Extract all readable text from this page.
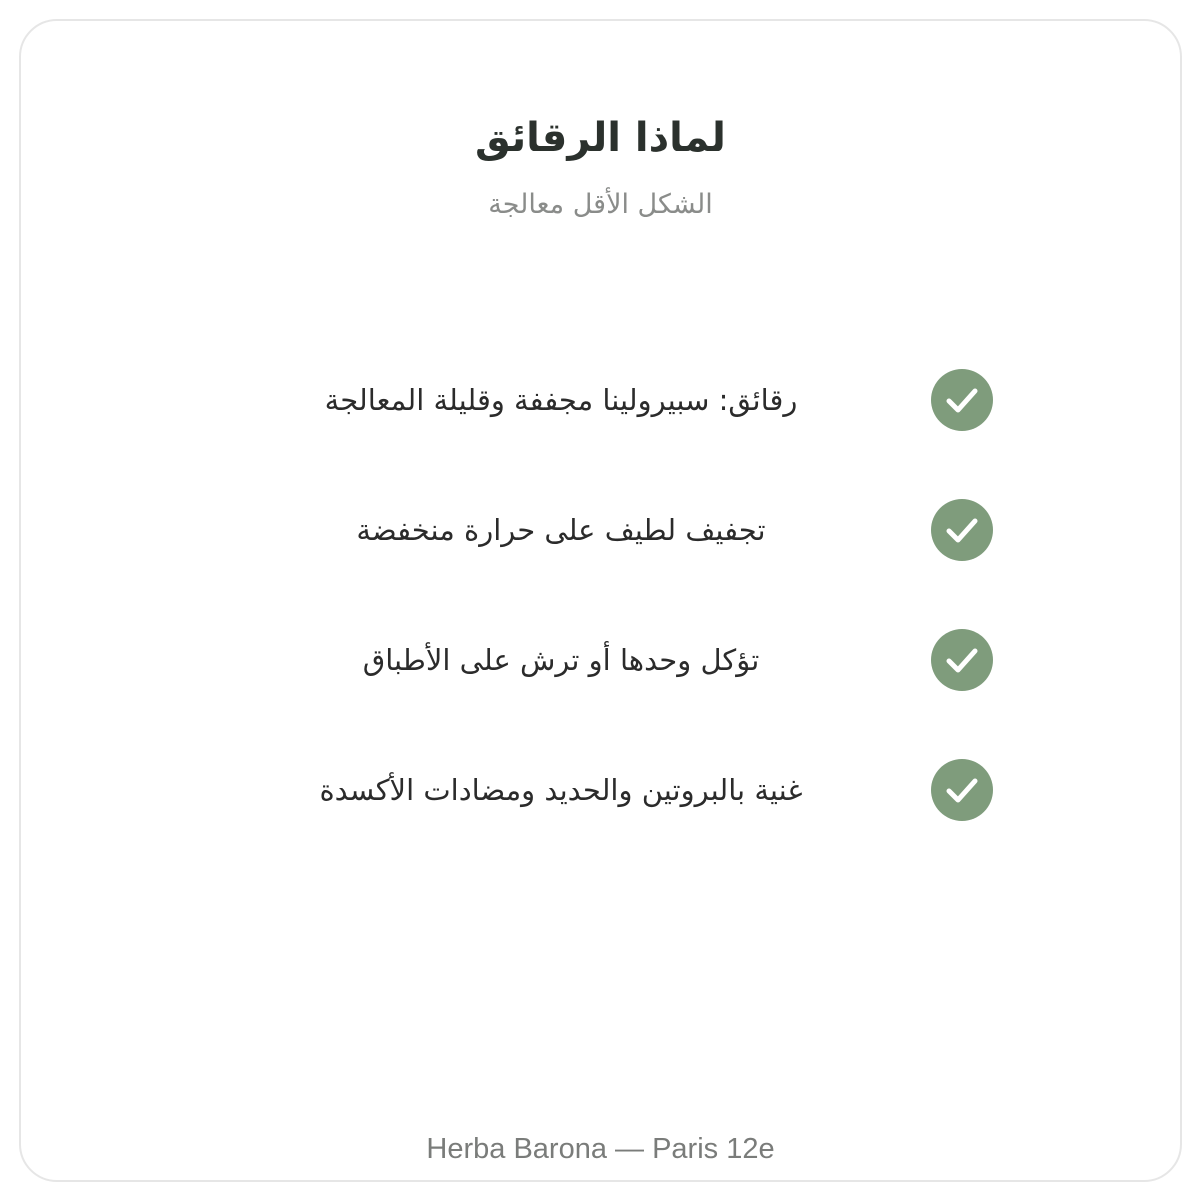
لماذا الرقائق
الشكل الأقل معالجة
رقائق: سبيرولينا مجففة وقليلة المعالجة
تجفيف لطيف على حرارة منخفضة
تؤكل وحدها أو ترش على الأطباق
غنية بالبروتين والحديد ومضادات الأكسدة
Herba Barona — Paris 12e
